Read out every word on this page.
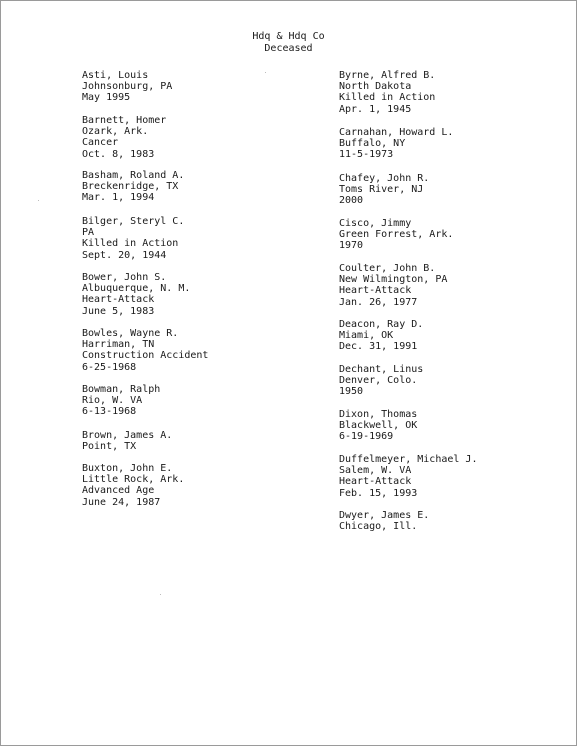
Hdq & Hdq Co
Deceased
Asti, Louis
Johnsonburg, PA
May 1995
Barnett, Homer
Ozark, Ark.
Cancer
Oct. 8, 1983
Basham, Roland A.
Breckenridge, TX
Mar. 1, 1994
Bilger, Steryl C.
PA
Killed in Action
Sept. 20, 1944
Bower, John S.
Albuquerque, N. M.
Heart-Attack
June 5, 1983
Bowles, Wayne R.
Harriman, TN
Construction Accident
6-25-1968
Bowman, Ralph
Rio, W. VA
6-13-1968
Brown, James A.
Point, TX
Buxton, John E.
Little Rock, Ark.
Advanced Age
June 24, 1987
Byrne, Alfred B.
North Dakota
Killed in Action
Apr. 1, 1945
Carnahan, Howard L.
Buffalo, NY
11-5-1973
Chafey, John R.
Toms River, NJ
2000
Cisco, Jimmy
Green Forrest, Ark.
1970
Coulter, John B.
New Wilmington, PA
Heart-Attack
Jan. 26, 1977
Deacon, Ray D.
Miami, OK
Dec. 31, 1991
Dechant, Linus
Denver, Colo.
1950
Dixon, Thomas
Blackwell, OK
6-19-1969
Duffelmeyer, Michael J.
Salem, W. VA
Heart-Attack
Feb. 15, 1993
Dwyer, James E.
Chicago, Ill.
